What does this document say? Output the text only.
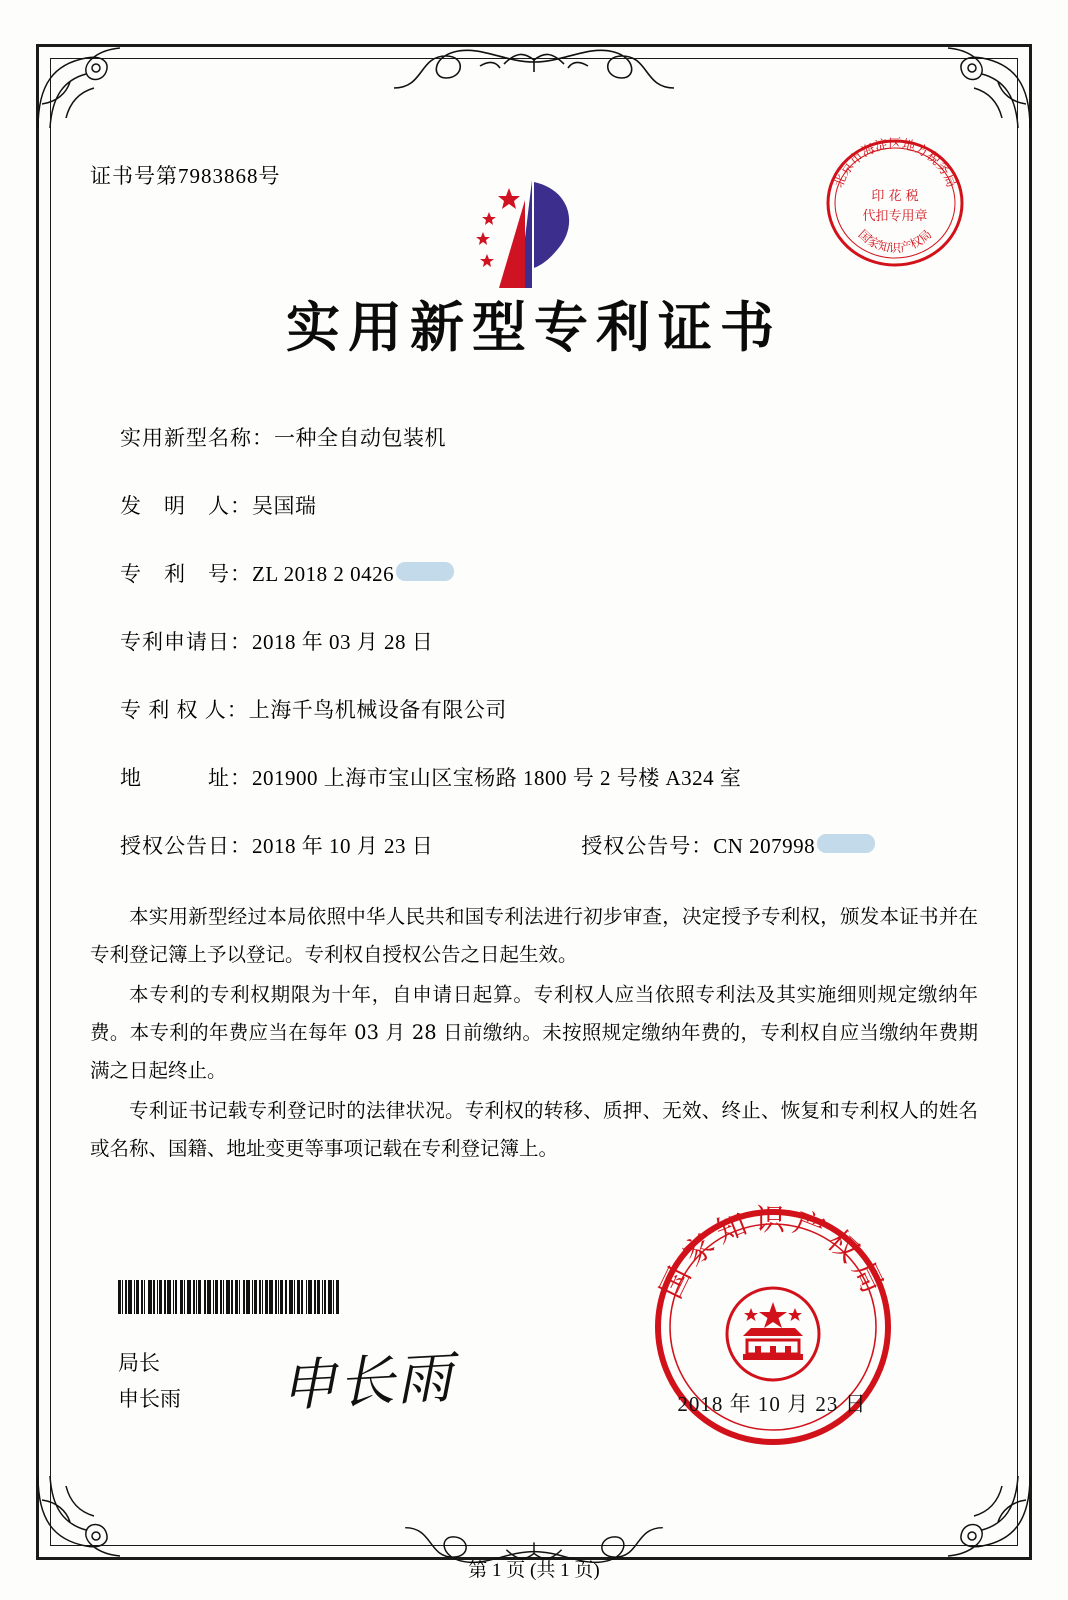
证书号第7983868号	北京市海淀区地方税务局
国家知识产权局
印 花 税
代扣专用章
实用新型专利证书
实用新型名称： 一种全自动包装机
发　明　人： 吴国瑞
专　利　号： ZL 2018 2 0426
专利申请日： 2018 年 03 月 28 日
专 利 权 人： 上海千鸟机械设备有限公司
地　　　址： 201900 上海市宝山区宝杨路 1800 号 2 号楼 A324 室
授权公告日： 2018 年 10 月 23 日	授权公告号： CN 207998

本实用新型经过本局依照中华人民共和国专利法进行初步审查，决定授予专利权，颁发本证书并在专利登记簿上予以登记。专利权自授权公告之日起生效。

本专利的专利权期限为十年，自申请日起算。专利权人应当依照专利法及其实施细则规定缴纳年费。本专利的年费应当在每年 03 月 28 日前缴纳。未按照规定缴纳年费的，专利权自应当缴纳年费期满之日起终止。

专利证书记载专利登记时的法律状况。专利权的转移、质押、无效、终止、恢复和专利权人的姓名或名称、国籍、地址变更等事项记载在专利登记簿上。

局长
申长雨 申长雨
国家知识产权局
2018 年 10 月 23 日
第 1 页 (共 1 页)
